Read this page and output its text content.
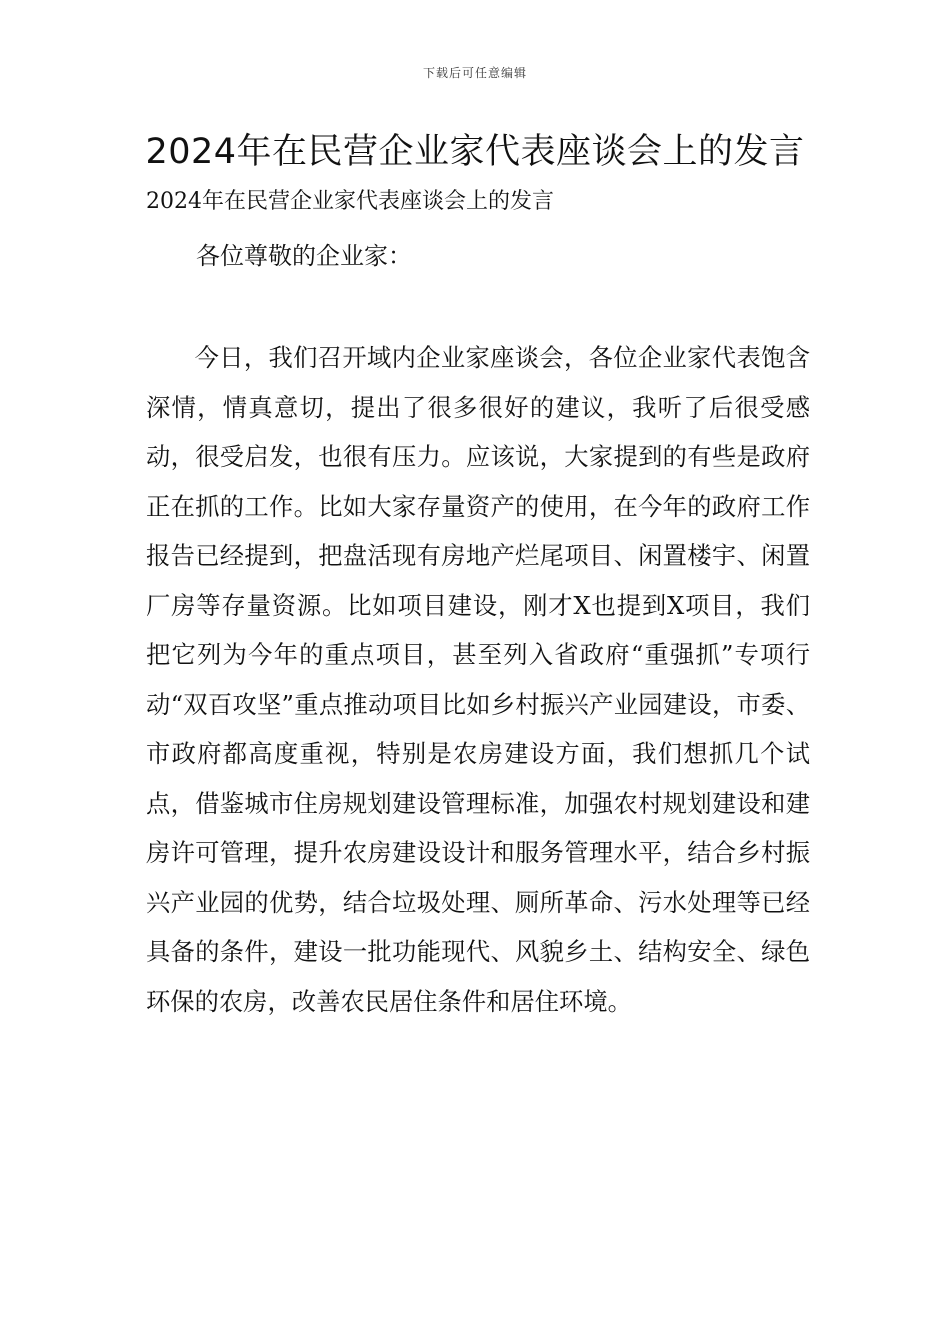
下载后可任意编辑
2024年在民营企业家代表座谈会上的发言

2024年在民营企业家代表座谈会上的发言

各位尊敬的企业家：

今日，我们召开域内企业家座谈会，各位企业家代表饱含深情，情真意切，提出了很多很好的建议，我听了后很受感动，很受启发，也很有压力。应该说，大家提到的有些是政府正在抓的工作。比如大家存量资产的使用，在今年的政府工作报告已经提到，把盘活现有房地产烂尾项目、闲置楼宇、闲置厂房等存量资源。比如项目建设，刚才X也提到X项目，我们把它列为今年的重点项目，甚至列入省政府“重强抓”专项行动“双百攻坚”重点推动项目比如乡村振兴产业园建设，市委、市政府都高度重视，特别是农房建设方面，我们想抓几个试点，借鉴城市住房规划建设管理标准，加强农村规划建设和建房许可管理，提升农房建设设计和服务管理水平，结合乡村振兴产业园的优势，结合垃圾处理、厕所革命、污水处理等已经具备的条件，建设一批功能现代、风貌乡土、结构安全、绿色环保的农房，改善农民居住条件和居住环境。
